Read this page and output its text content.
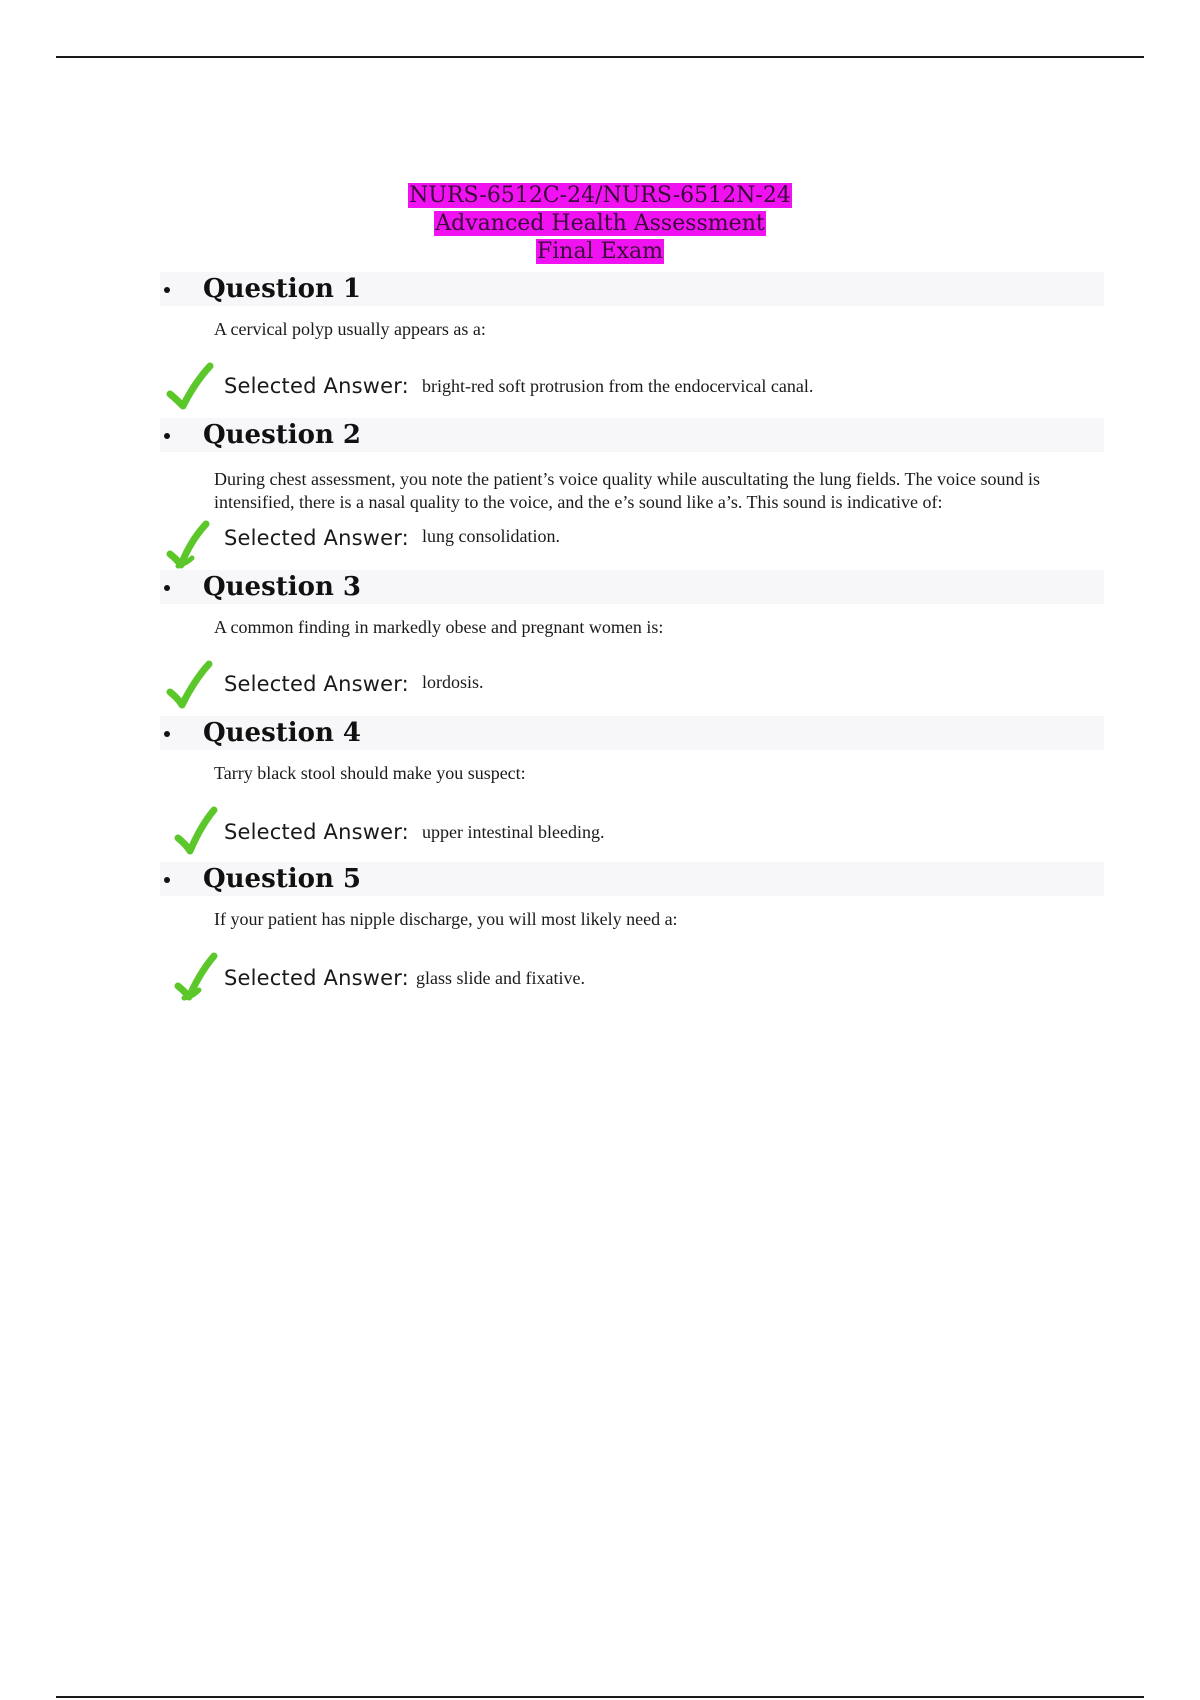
NURS-6512C-24/NURS-6512N-24
Advanced Health Assessment
Final Exam
Question 1
A cervical polyp usually appears as a:
Selected Answer: bright-red soft protrusion from the endocervical canal.
Question 2
During chest assessment, you note the patient’s voice quality while auscultating the lung fields. The voice sound is intensified, there is a nasal quality to the voice, and the e’s sound like a’s. This sound is indicative of:
Selected Answer: lung consolidation.
Question 3
A common finding in markedly obese and pregnant women is:
Selected Answer: lordosis.
Question 4
Tarry black stool should make you suspect:
Selected Answer: upper intestinal bleeding.
Question 5
If your patient has nipple discharge, you will most likely need a:
Selected Answer: glass slide and fixative.
